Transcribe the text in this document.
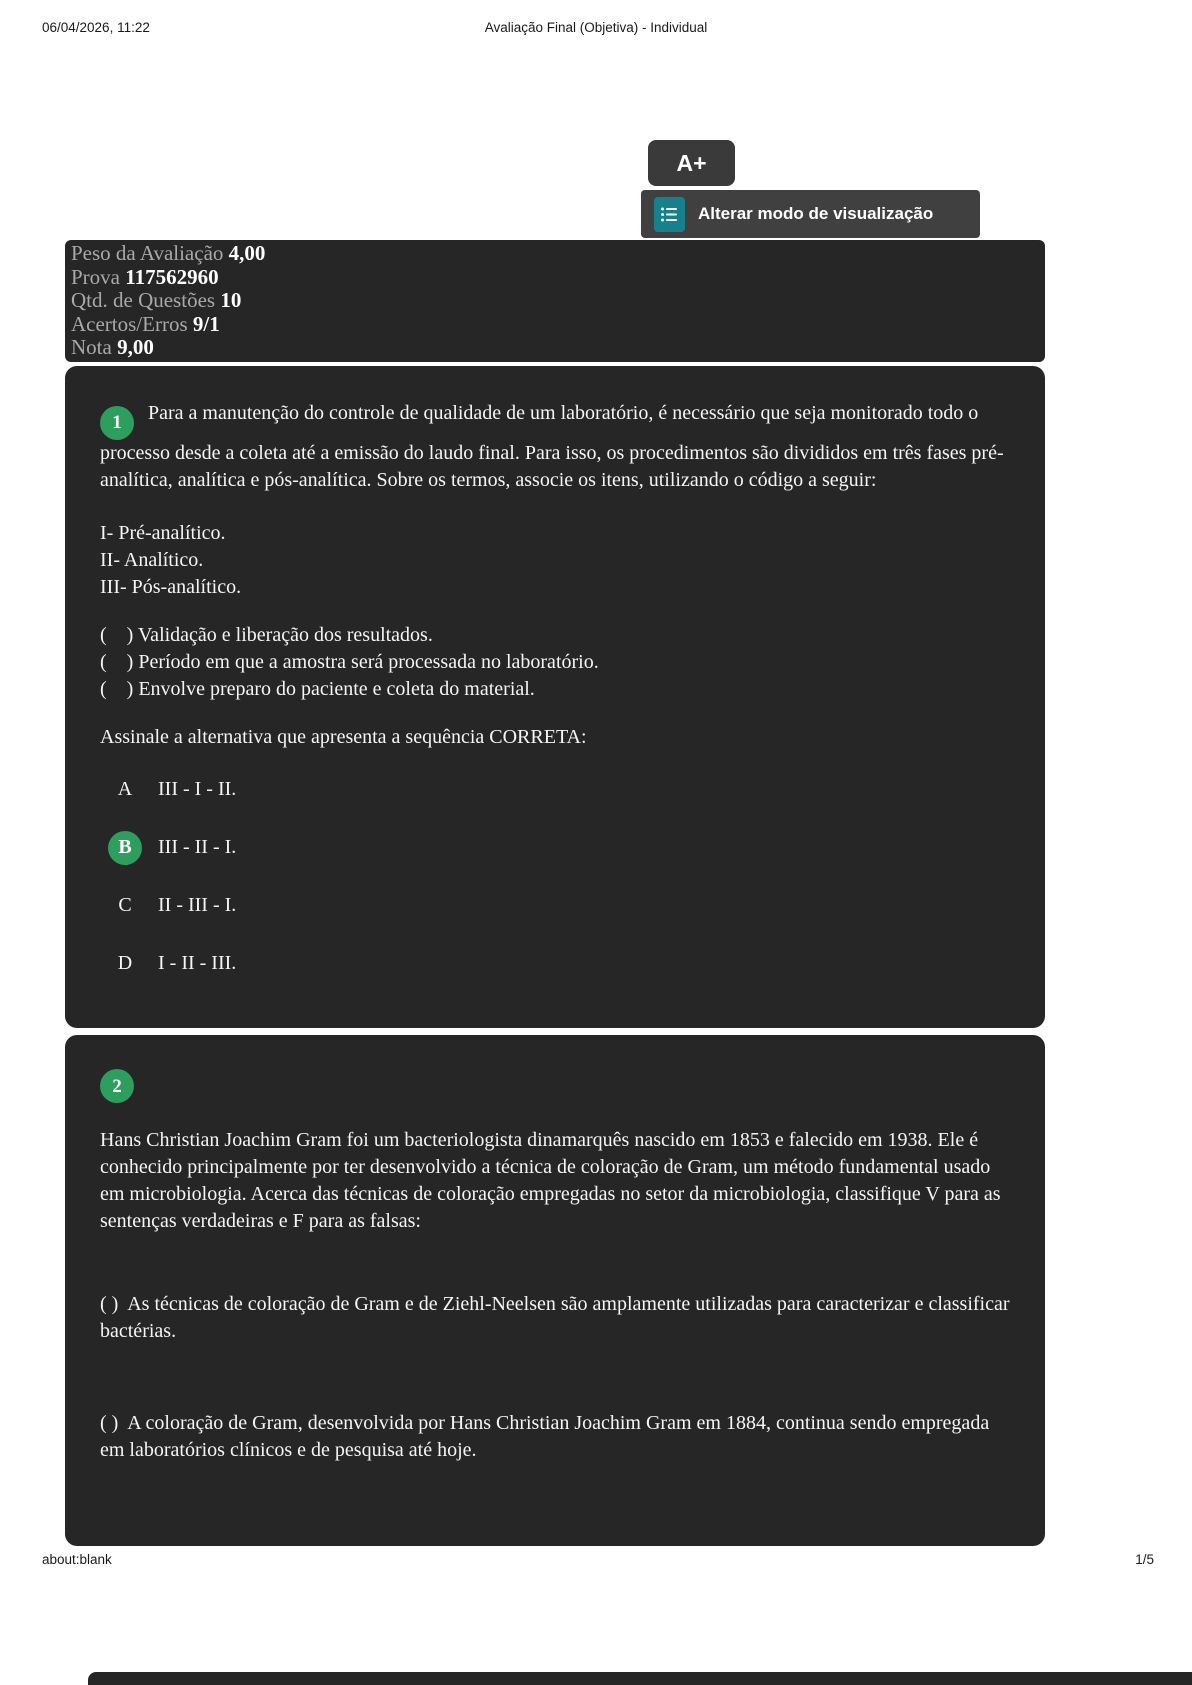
06/04/2026, 11:22	Avaliação Final (Objetiva) - Individual
A+
Alterar modo de visualização
Peso da Avaliação 4,00
Prova 117562960
Qtd. de Questões 10
Acertos/Erros 9/1
Nota 9,00

1 Para a manutenção do controle de qualidade de um laboratório, é necessário que seja monitorado todo o processo desde a coleta até a emissão do laudo final. Para isso, os procedimentos são divididos em três fases pré-analítica, analítica e pós-analítica. Sobre os termos, associe os itens, utilizando o código a seguir:

I- Pré-analítico.

II- Analítico.

III- Pós-analítico.

(    ) Validação e liberação dos resultados.

(    ) Período em que a amostra será processada no laboratório.

(    ) Envolve preparo do paciente e coleta do material.

Assinale a alternativa que apresenta a sequência CORRETA:

A	III - I - II.
B	III - II - I.
C	II - III - I.
D	I - II - III.
2

Hans Christian Joachim Gram foi um bacteriologista dinamarquês nascido em 1853 e falecido em 1938. Ele é conhecido principalmente por ter desenvolvido a técnica de coloração de Gram, um método fundamental usado em microbiologia. Acerca das técnicas de coloração empregadas no setor da microbiologia, classifique V para as sentenças verdadeiras e F para as falsas:

( )  As técnicas de coloração de Gram e de Ziehl-Neelsen são amplamente utilizadas para caracterizar e classificar bactérias.

( )  A coloração de Gram, desenvolvida por Hans Christian Joachim Gram em 1884, continua sendo empregada em laboratórios clínicos e de pesquisa até hoje.

about:blank	1/5
